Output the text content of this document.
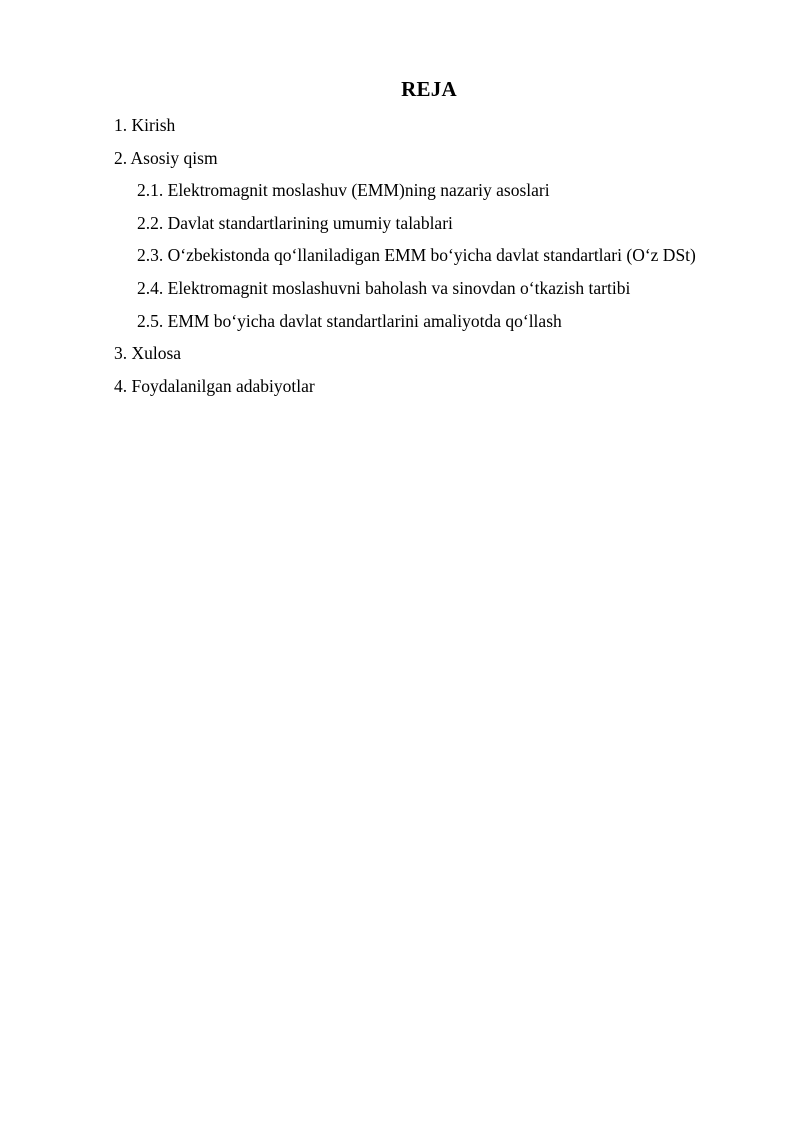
REJA
1. Kirish
2. Asosiy qism
2.1. Elektromagnit moslashuv (EMM)ning nazariy asoslari
2.2. Davlat standartlarining umumiy talablari
2.3. O‘zbekistonda qo‘llaniladigan EMM bo‘yicha davlat standartlari (O‘z DSt)
2.4. Elektromagnit moslashuvni baholash va sinovdan o‘tkazish tartibi
2.5. EMM bo‘yicha davlat standartlarini amaliyotda qo‘llash
3. Xulosa
4. Foydalanilgan adabiyotlar
